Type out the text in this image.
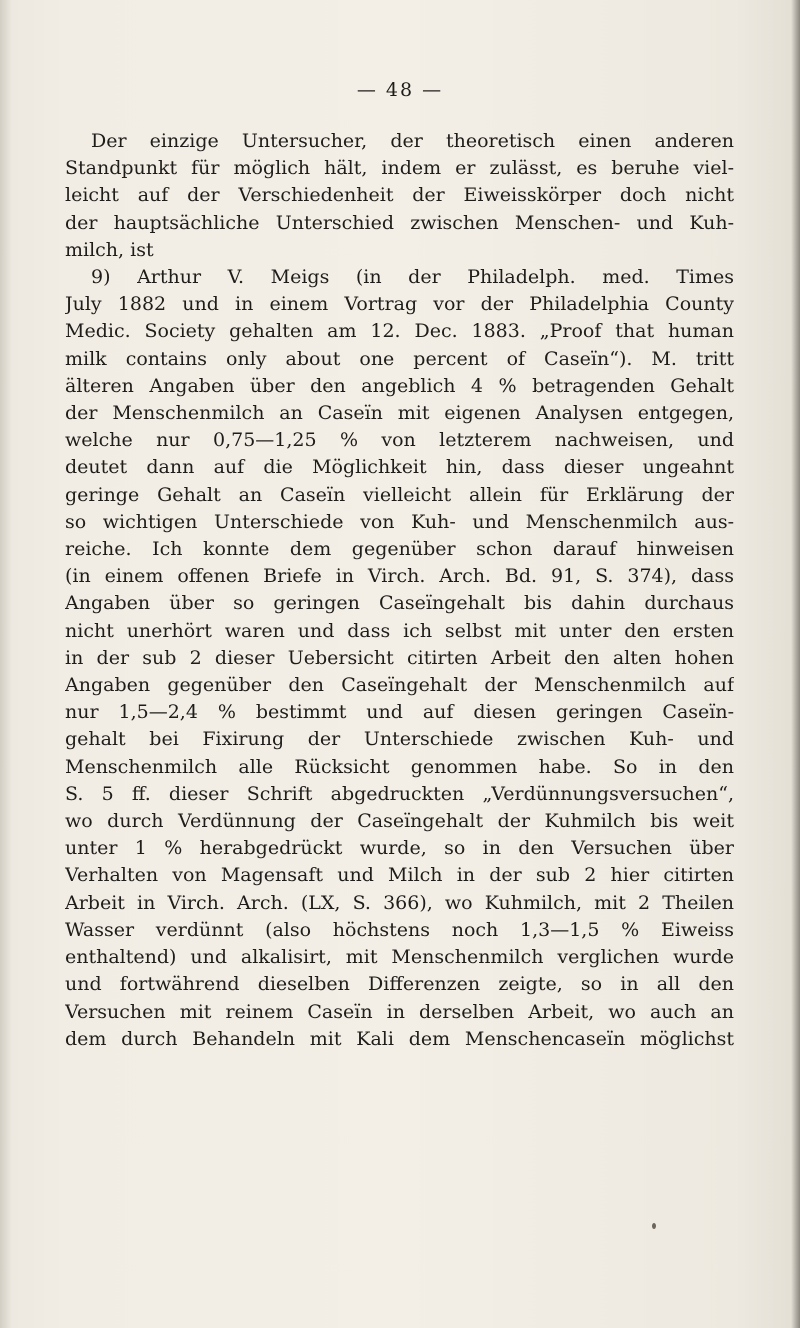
— 48 —
Der einzige Untersucher, der theoretisch einen anderen
Standpunkt für möglich hält, indem er zulässt, es beruhe viel-
leicht auf der Verschiedenheit der Eiweisskörper doch nicht
der hauptsächliche Unterschied zwischen Menschen- und Kuh-
milch, ist
9) Arthur V. Meigs (in der Philadelph. med. Times
July 1882 und in einem Vortrag vor der Philadelphia County
Medic. Society gehalten am 12. Dec. 1883. „Proof that human
milk contains only about one percent of Caseïn“). M. tritt
älteren Angaben über den angeblich 4 % betragenden Gehalt
der Menschenmilch an Caseïn mit eigenen Analysen entgegen,
welche nur 0,75—1,25 % von letzterem nachweisen, und
deutet dann auf die Möglichkeit hin, dass dieser ungeahnt
geringe Gehalt an Caseïn vielleicht allein für Erklärung der
so wichtigen Unterschiede von Kuh- und Menschenmilch aus-
reiche. Ich konnte dem gegenüber schon darauf hinweisen
(in einem offenen Briefe in Virch. Arch. Bd. 91, S. 374), dass
Angaben über so geringen Caseïngehalt bis dahin durchaus
nicht unerhört waren und dass ich selbst mit unter den ersten
in der sub 2 dieser Uebersicht citirten Arbeit den alten hohen
Angaben gegenüber den Caseïngehalt der Menschenmilch auf
nur 1,5—2,4 % bestimmt und auf diesen geringen Caseïn-
gehalt bei Fixirung der Unterschiede zwischen Kuh- und
Menschenmilch alle Rücksicht genommen habe. So in den
S. 5 ff. dieser Schrift abgedruckten „Verdünnungsversuchen“,
wo durch Verdünnung der Caseïngehalt der Kuhmilch bis weit
unter 1 % herabgedrückt wurde, so in den Versuchen über
Verhalten von Magensaft und Milch in der sub 2 hier citirten
Arbeit in Virch. Arch. (LX, S. 366), wo Kuhmilch, mit 2 Theilen
Wasser verdünnt (also höchstens noch 1,3—1,5 % Eiweiss
enthaltend) und alkalisirt, mit Menschenmilch verglichen wurde
und fortwährend dieselben Differenzen zeigte, so in all den
Versuchen mit reinem Caseïn in derselben Arbeit, wo auch an
dem durch Behandeln mit Kali dem Menschencaseïn möglichst
